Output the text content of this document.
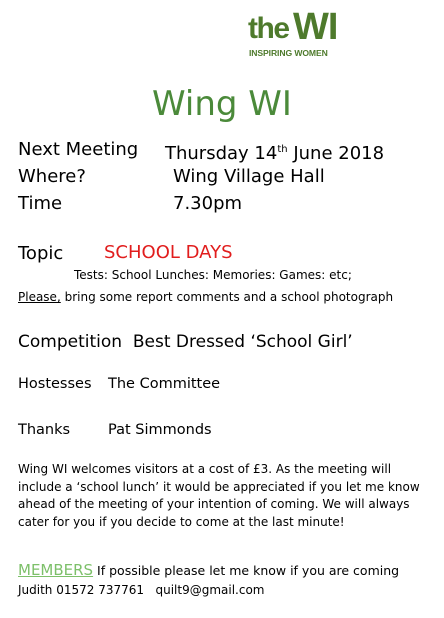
the WI
INSPIRING WOMEN
Wing WI
Next Meeting Thursday 14th June 2018
Where?	Wing Village Hall
Time	7.30pm
Topic SCHOOL DAYS
Tests: School Lunches: Memories: Games: etc;
Please, bring some report comments and a school photograph
Competition Best Dressed ‘School Girl’
Hostesses The Committee
Thanks	Pat Simmonds
Wing WI welcomes visitors at a cost of £3. As the meeting will include a ‘school lunch’ it would be appreciated if you let me know ahead of the meeting of your intention of coming. We will always cater for you if you decide to come at the last minute!
MEMBERS If possible please let me know if you are coming
Judith 01572 737761 quilt9@gmail.com
